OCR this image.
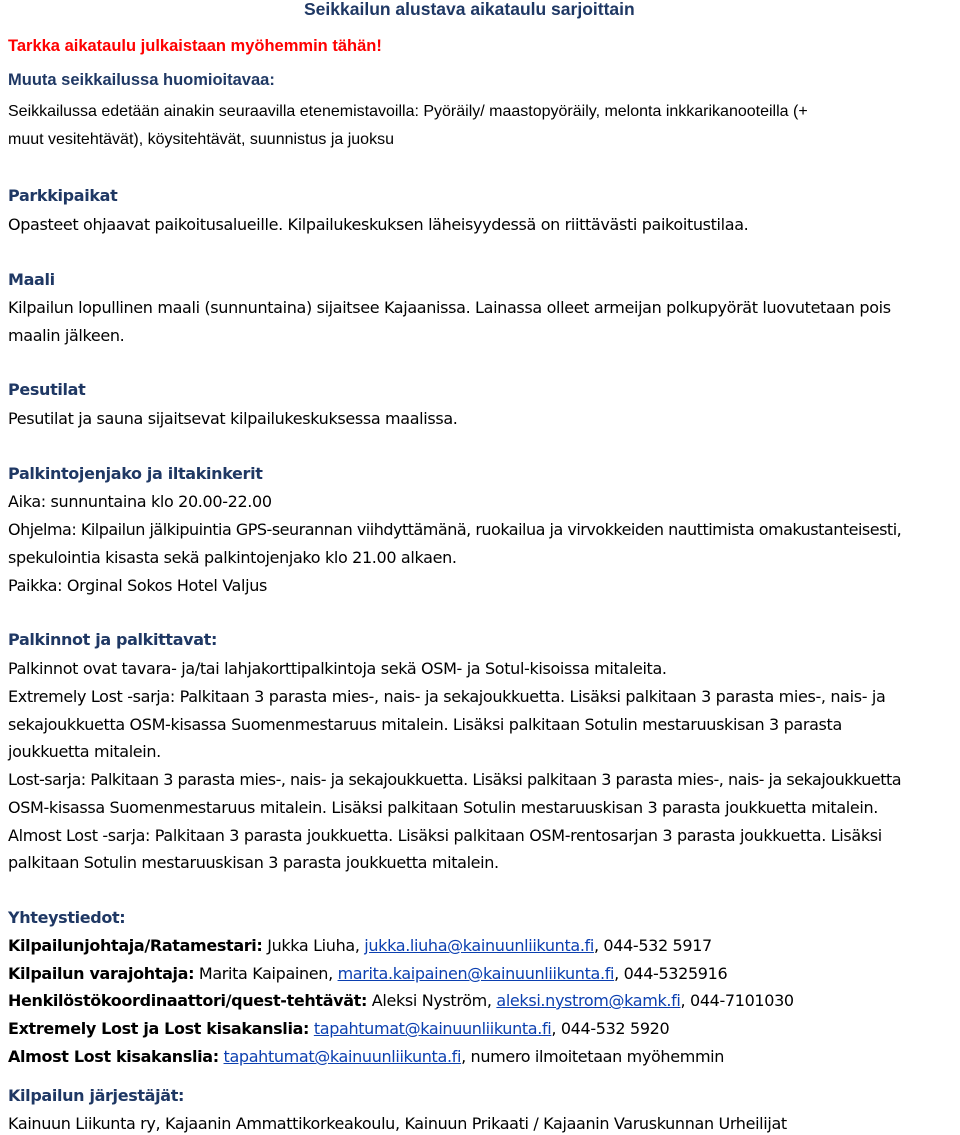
Seikkailun alustava aikataulu sarjoittain
Tarkka aikataulu julkaistaan myöhemmin tähän!
Muuta seikkailussa huomioitavaa:
Seikkailussa edetään ainakin seuraavilla etenemistavoilla: Pyöräily/ maastopyöräily, melonta inkkarikanooteilla (+
muut vesitehtävät), köysitehtävät, suunnistus ja juoksu
Parkkipaikat
Opasteet ohjaavat paikoitusalueille. Kilpailukeskuksen läheisyydessä on riittävästi paikoitustilaa.
Maali
Kilpailun lopullinen maali (sunnuntaina) sijaitsee Kajaanissa. Lainassa olleet armeijan polkupyörät luovutetaan pois
maalin jälkeen.
Pesutilat
Pesutilat ja sauna sijaitsevat kilpailukeskuksessa maalissa.
Palkintojenjako ja iltakinkerit
Aika: sunnuntaina klo 20.00-22.00
Ohjelma: Kilpailun jälkipuintia GPS-seurannan viihdyttämänä, ruokailua ja virvokkeiden nauttimista omakustanteisesti,
spekulointia kisasta sekä palkintojenjako klo 21.00 alkaen.
Paikka: Orginal Sokos Hotel Valjus
Palkinnot ja palkittavat:
Palkinnot ovat tavara- ja/tai lahjakorttipalkintoja sekä OSM- ja Sotul-kisoissa mitaleita.
Extremely Lost -sarja: Palkitaan 3 parasta mies-, nais- ja sekajoukkuetta. Lisäksi palkitaan 3 parasta mies-, nais- ja
sekajoukkuetta OSM-kisassa Suomenmestaruus mitalein. Lisäksi palkitaan Sotulin mestaruuskisan 3 parasta
joukkuetta mitalein.
Lost-sarja: Palkitaan 3 parasta mies-, nais- ja sekajoukkuetta. Lisäksi palkitaan 3 parasta mies-, nais- ja sekajoukkuetta
OSM-kisassa Suomenmestaruus mitalein. Lisäksi palkitaan Sotulin mestaruuskisan 3 parasta joukkuetta mitalein.
Almost Lost -sarja: Palkitaan 3 parasta joukkuetta. Lisäksi palkitaan OSM-rentosarjan 3 parasta joukkuetta. Lisäksi
palkitaan Sotulin mestaruuskisan 3 parasta joukkuetta mitalein.
Yhteystiedot:
Kilpailunjohtaja/Ratamestari: Jukka Liuha, jukka.liuha@kainuunliikunta.fi, 044-532 5917
Kilpailun varajohtaja: Marita Kaipainen, marita.kaipainen@kainuunliikunta.fi, 044-5325916
Henkilöstökoordinaattori/quest-tehtävät: Aleksi Nyström, aleksi.nystrom@kamk.fi, 044-7101030
Extremely Lost ja Lost kisakanslia: tapahtumat@kainuunliikunta.fi, 044-532 5920
Almost Lost kisakanslia: tapahtumat@kainuunliikunta.fi, numero ilmoitetaan myöhemmin
Kilpailun järjestäjät:
Kainuun Liikunta ry, Kajaanin Ammattikorkeakoulu, Kainuun Prikaati / Kajaanin Varuskunnan Urheilijat
